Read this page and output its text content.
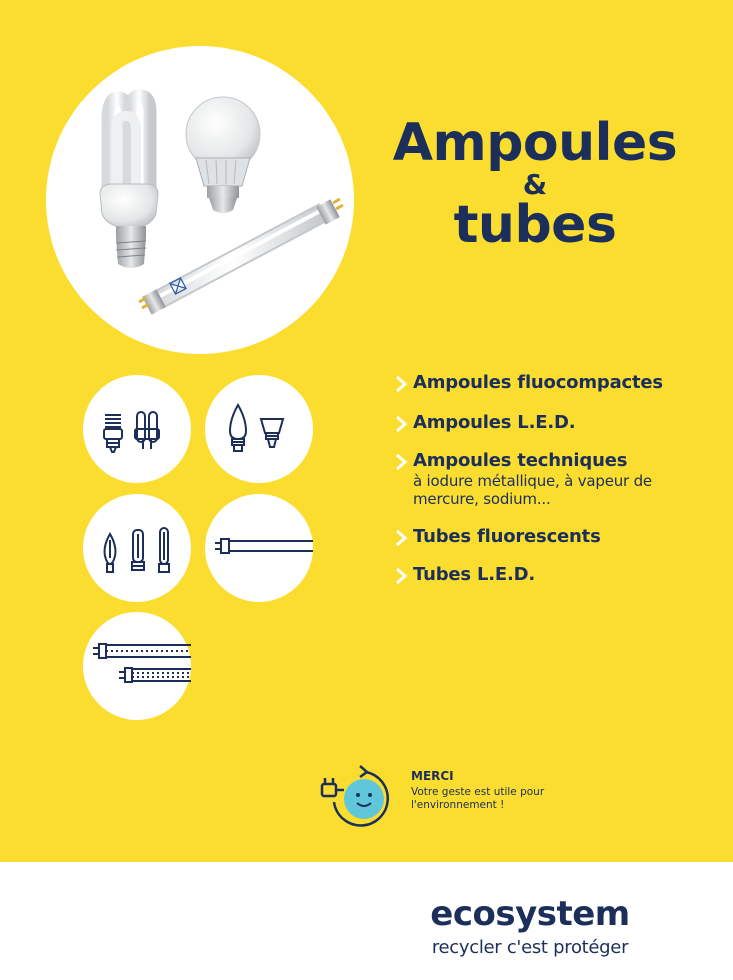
Ampoules
&
tubes
Ampoules fluocompactes
Ampoules L.E.D.
Ampoules techniques
à iodure métallique, à vapeur de mercure, sodium...
Tubes fluorescents
Tubes L.E.D.
MERCI
Votre geste est utile pour l'environnement !
ecosystem
recycler c'est protéger
